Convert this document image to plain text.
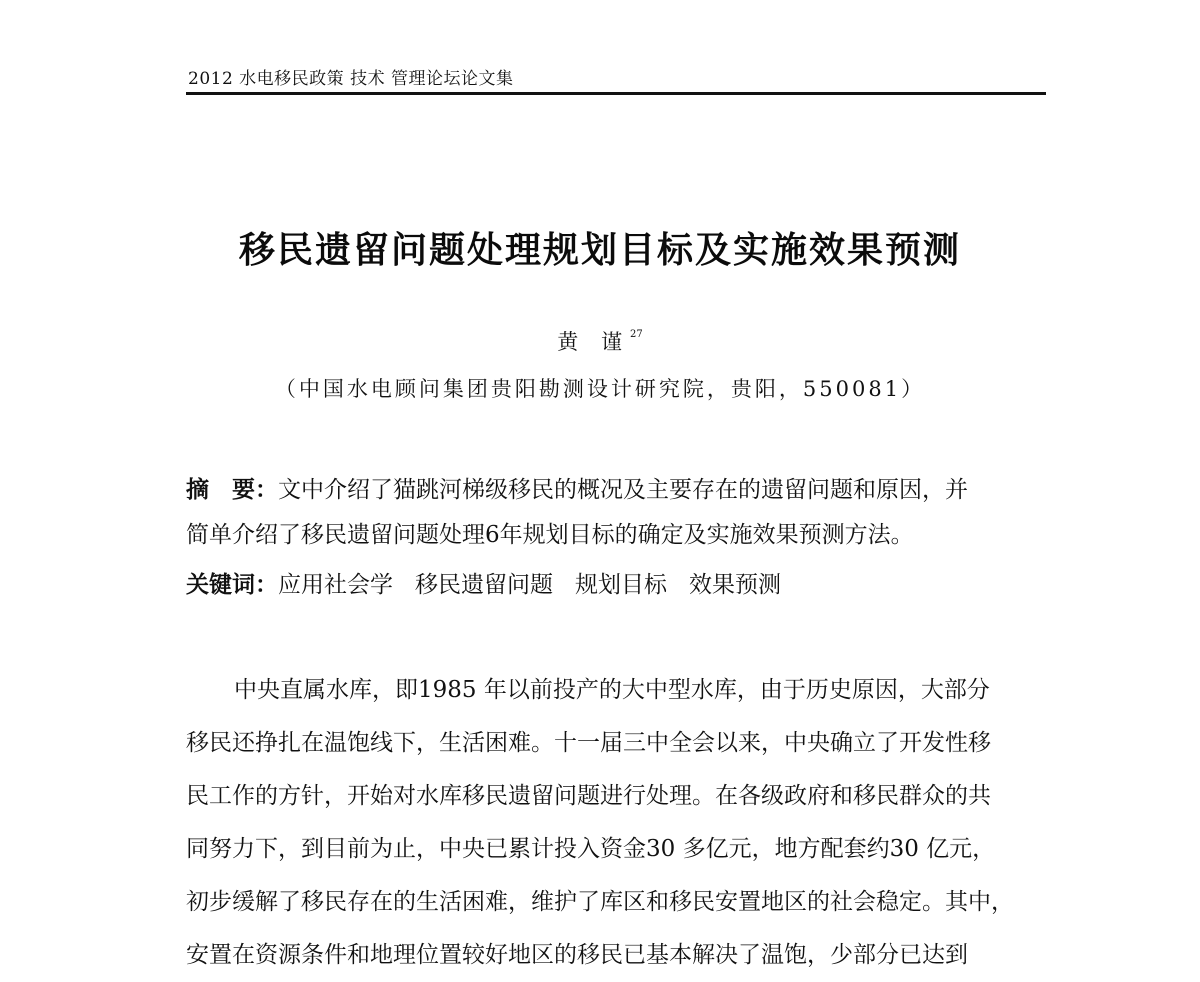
2012 水电移民政策 技术 管理论坛论文集
移民遗留问题处理规划目标及实施效果预测
黄 谨$^{27}$
（中国水电顾问集团贵阳勘测设计研究院，贵阳，550081）
摘　要：文中介绍了猫跳河梯级移民的概况及主要存在的遗留问题和原因，并
简单介绍了移民遗留问题处理6年规划目标的确定及实施效果预测方法。
关键词：应用社会学 移民遗留问题 规划目标 效果预测
中央直属水库，即1985 年以前投产的大中型水库，由于历史原因，大部分
移民还挣扎在温饱线下，生活困难。十一届三中全会以来，中央确立了开发性移
民工作的方针，开始对水库移民遗留问题进行处理。在各级政府和移民群众的共
同努力下，到目前为止，中央已累计投入资金30 多亿元，地方配套约30 亿元，
初步缓解了移民存在的生活困难，维护了库区和移民安置地区的社会稳定。其中，
安置在资源条件和地理位置较好地区的移民已基本解决了温饱，少部分已达到
